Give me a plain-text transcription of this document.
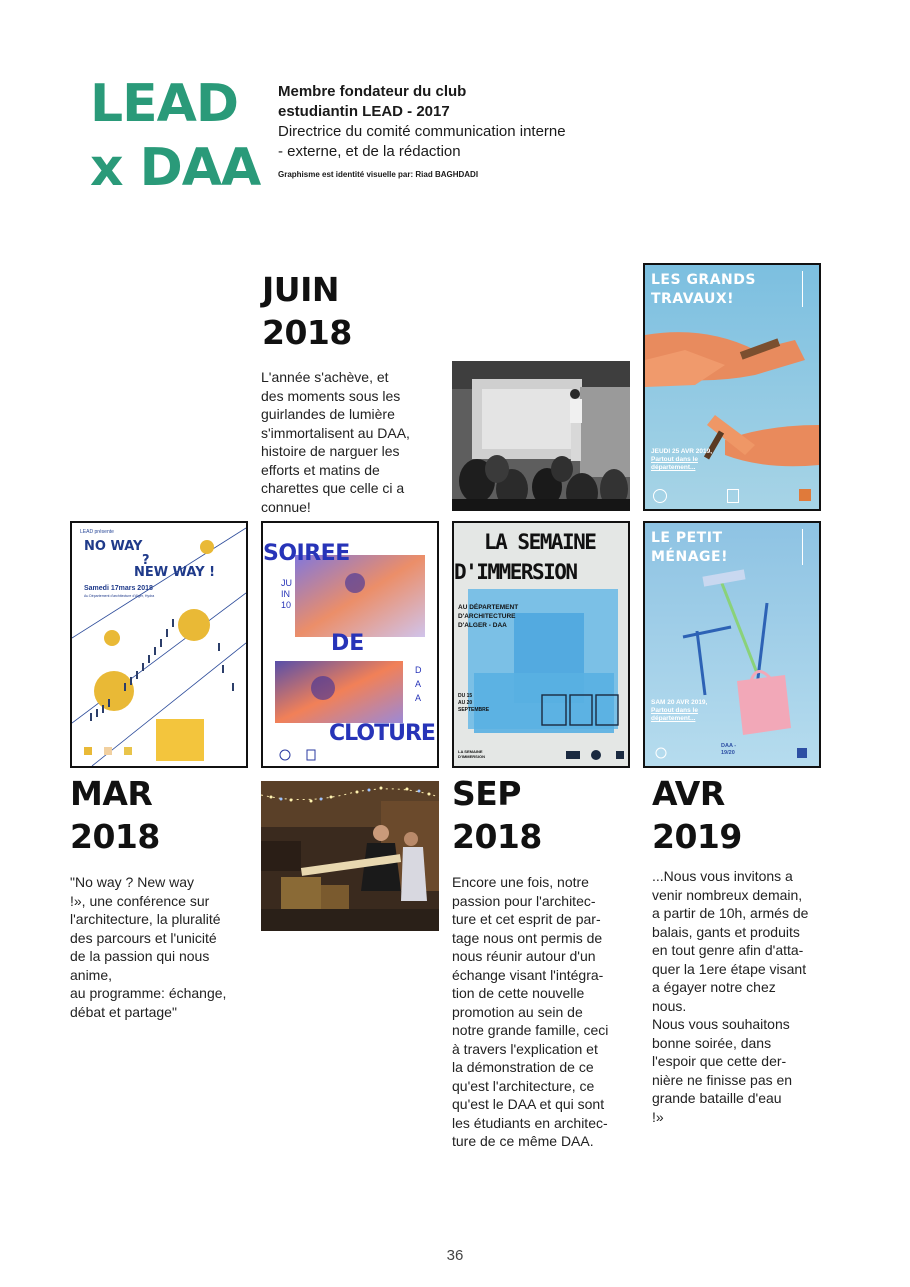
LEAD
x DAA
Membre fondateur du club
estudiantin LEAD - 2017
Directrice du comité communication interne
- externe, et de la rédaction
Graphisme est identité visuelle par: Riad BAGHDADI
JUIN
2018
L'année s'achève, et
des moments sous les
guirlandes de lumière
s'immortalisent au DAA,
histoire de narguer les
efforts et matins de
charettes que celle ci a
connue!
LES GRANDS
TRAVAUX!
JEUDI 25 AVR 2019,
Partout dans le
département...
LEAD présente
NO WAY
?
NEW WAY !
Samedi 17mars 2018
Au Département d'architecture d'Alger, Hydra
SOIREE
JU
IN
10
DE
D
A
A
CLOTURE
LA SEMAINE
D'IMMERSION
AU DÉPARTEMENT
D'ARCHITECTURE
D'ALGER - DAA
DU 15
AU 20
SEPTEMBRE
LA SEMAINE D'IMMERSION
LE PETIT
MÉNAGE!
SAM 20 AVR 2019,
Partout dans le
département...
DAA -
19/20
MAR
2018
"No way ? New way
!», une conférence sur
l'architecture, la pluralité
des parcours et l'unicité
de la passion qui nous
anime,
au programme: échange,
débat et partage"
SEP
2018
Encore une fois, notre
passion pour l'architec-
ture et cet esprit de par-
tage nous ont permis de
nous réunir autour d'un
échange visant l'intégra-
tion de cette nouvelle
promotion au sein de
notre grande famille, ceci
à travers l'explication et
la démonstration de ce
qu'est l'architecture, ce
qu'est le DAA et qui sont
les étudiants en architec-
ture de ce même DAA.
AVR
2019
...Nous vous invitons a
venir nombreux demain,
a partir de 10h, armés de
balais, gants et produits
en tout genre afin d'atta-
quer la 1ere étape visant
a égayer notre chez
nous.
Nous vous souhaitons
bonne soirée, dans
l'espoir que cette der-
nière ne finisse pas en
grande bataille d'eau
!»
36
